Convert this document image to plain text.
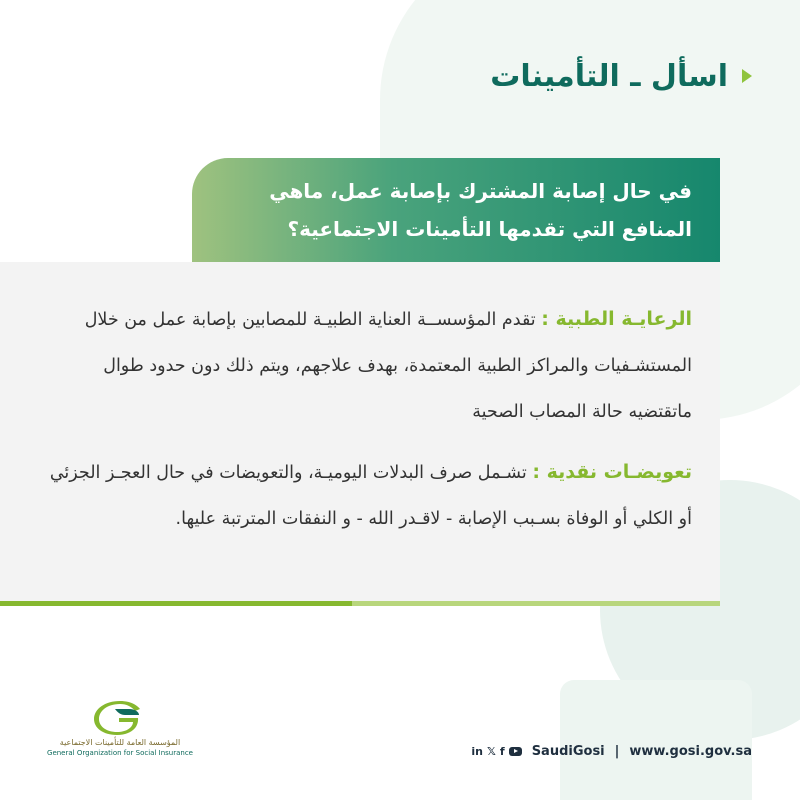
اسأل ـ التأمينات
في حال إصابة المشترك بإصابة عمل، ماهي
المنافع التي تقدمها التأمينات الاجتماعية؟
الرعايـة الطبية : تقدم المؤسســة العناية الطبيـة للمصابين بإصابة عمل من خلال المستشـفيات والمراكز الطبية المعتمدة، بهدف علاجهم، ويتم ذلك دون حدود طوال ماتقتضيه حالة المصاب الصحية
تعويضـات نقدية : تشـمل صرف البدلات اليوميـة، والتعويضات في حال العجـز الجزئي أو الكلي أو الوفاة بسـبب الإصابة - لاقـدر الله - و النفقات المترتبة عليها.
المؤسسة العامة للتأمينات الاجتماعية
General Organization for Social Insurance	in 𝕏 f SaudiGosi | www.gosi.gov.sa
